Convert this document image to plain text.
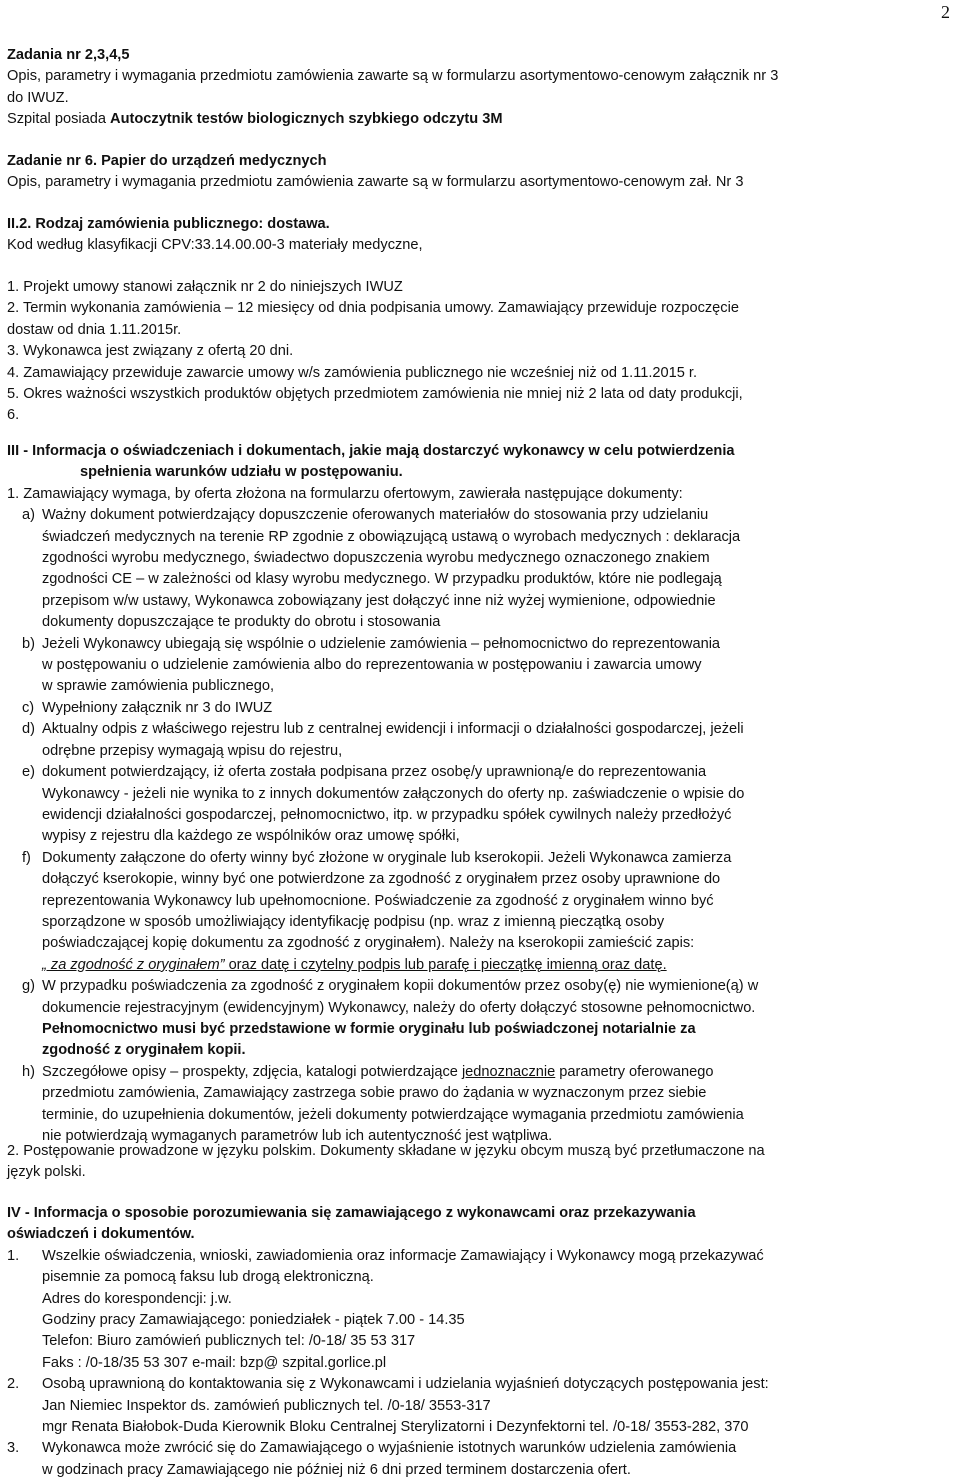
2
Zadania nr 2,3,4,5
Opis, parametry i wymagania przedmiotu zamówienia zawarte są w formularzu asortymentowo-cenowym załącznik nr 3
do IWUZ.
Szpital posiada Autoczytnik testów biologicznych szybkiego odczytu 3M
Zadanie nr 6. Papier do urządzeń medycznych
Opis, parametry i wymagania przedmiotu zamówienia zawarte są w formularzu asortymentowo-cenowym zał. Nr 3
II.2. Rodzaj zamówienia publicznego: dostawa.
Kod według klasyfikacji CPV:33.14.00.00-3 materiały medyczne,
1. Projekt umowy stanowi załącznik nr 2 do niniejszych IWUZ
2. Termin wykonania zamówienia – 12 miesięcy od dnia podpisania umowy. Zamawiający przewiduje rozpoczęcie
dostaw od dnia 1.11.2015r.
3. Wykonawca jest związany z ofertą 20 dni.
4. Zamawiający przewiduje zawarcie umowy w/s zamówienia publicznego nie wcześniej niż od 1.11.2015 r.
5. Okres ważności wszystkich produktów objętych przedmiotem zamówienia nie mniej niż 2 lata od daty produkcji,
6.
III - Informacja o oświadczeniach i dokumentach, jakie mają dostarczyć wykonawcy w celu potwierdzenia
spełnienia warunków udziału w postępowaniu.
1. Zamawiający wymaga, by oferta złożona na formularzu ofertowym, zawierała następujące dokumenty:
a) Ważny dokument potwierdzający dopuszczenie oferowanych materiałów do stosowania przy udzielaniu
świadczeń medycznych na terenie RP zgodnie z obowiązującą ustawą o wyrobach medycznych : deklaracja
zgodności wyrobu medycznego, świadectwo dopuszczenia wyrobu medycznego oznaczonego znakiem
zgodności CE – w zależności od klasy wyrobu medycznego. W przypadku produktów, które nie podlegają
przepisom w/w ustawy, Wykonawca zobowiązany jest dołączyć inne niż wyżej wymienione, odpowiednie
dokumenty dopuszczające te produkty do obrotu i stosowania
b) Jeżeli Wykonawcy ubiegają się wspólnie o udzielenie zamówienia – pełnomocnictwo do reprezentowania
w postępowaniu o udzielenie zamówienia albo do reprezentowania w postępowaniu i zawarcia umowy
w sprawie zamówienia publicznego,
c) Wypełniony załącznik nr 3 do IWUZ
d) Aktualny odpis z właściwego rejestru lub z centralnej ewidencji i informacji o działalności gospodarczej, jeżeli
odrębne przepisy wymagają wpisu do rejestru,
e) dokument potwierdzający, iż oferta została podpisana przez osobę/y uprawnioną/e do reprezentowania
Wykonawcy - jeżeli nie wynika to z innych dokumentów załączonych do oferty np. zaświadczenie o wpisie do
ewidencji działalności gospodarczej, pełnomocnictwo, itp. w przypadku spółek cywilnych należy przedłożyć
wypisy z rejestru dla każdego ze wspólników oraz umowę spółki,
f) Dokumenty załączone do oferty winny być złożone w oryginale lub kserokopii. Jeżeli Wykonawca zamierza
dołączyć kserokopie, winny być one potwierdzone za zgodność z oryginałem przez osoby uprawnione do
reprezentowania Wykonawcy lub upełnomocnione. Poświadczenie za zgodność z oryginałem winno być
sporządzone w sposób umożliwiający identyfikację podpisu (np. wraz z imienną pieczątką osoby
poświadczającej kopię dokumentu za zgodność z oryginałem). Należy na kserokopii zamieścić zapis:
„ za zgodność z oryginałem” oraz datę i czytelny podpis lub parafę i pieczątkę imienną oraz datę.
g) W przypadku poświadczenia za zgodność z oryginałem kopii dokumentów przez osoby(ę) nie wymienione(ą) w
dokumencie rejestracyjnym (ewidencyjnym) Wykonawcy, należy do oferty dołączyć stosowne pełnomocnictwo.
Pełnomocnictwo musi być przedstawione w formie oryginału lub poświadczonej notarialnie za
zgodność z oryginałem kopii.
h) Szczegółowe opisy – prospekty, zdjęcia, katalogi potwierdzające jednoznacznie parametry oferowanego
przedmiotu zamówienia, Zamawiający zastrzega sobie prawo do żądania w wyznaczonym przez siebie
terminie, do uzupełnienia dokumentów, jeżeli dokumenty potwierdzające wymagania przedmiotu zamówienia
nie potwierdzają wymaganych parametrów lub ich autentyczność jest wątpliwa.
2. Postępowanie prowadzone w języku polskim. Dokumenty składane w języku obcym muszą być przetłumaczone na
język polski.
IV - Informacja o sposobie porozumiewania się zamawiającego z wykonawcami oraz przekazywania
oświadczeń i dokumentów.
1.	Wszelkie oświadczenia, wnioski, zawiadomienia oraz informacje Zamawiający i Wykonawcy mogą przekazywać
pisemnie za pomocą faksu lub drogą elektroniczną.
Adres do korespondencji: j.w.
Godziny pracy Zamawiającego: poniedziałek - piątek 7.00 - 14.35
Telefon: Biuro zamówień publicznych tel: /0-18/ 35 53 317
Faks : /0-18/35 53 307 e-mail: bzp@ szpital.gorlice.pl
2.	Osobą uprawnioną do kontaktowania się z Wykonawcami i udzielania wyjaśnień dotyczących postępowania jest:
Jan Niemiec Inspektor ds. zamówień publicznych tel. /0-18/ 3553-317
mgr Renata Białobok-Duda Kierownik Bloku Centralnej Sterylizatorni i Dezynfektorni tel. /0-18/ 3553-282, 370
3.	Wykonawca może zwrócić się do Zamawiającego o wyjaśnienie istotnych warunków udzielenia zamówienia
w godzinach pracy Zamawiającego nie później niż 6 dni przed terminem dostarczenia ofert.
